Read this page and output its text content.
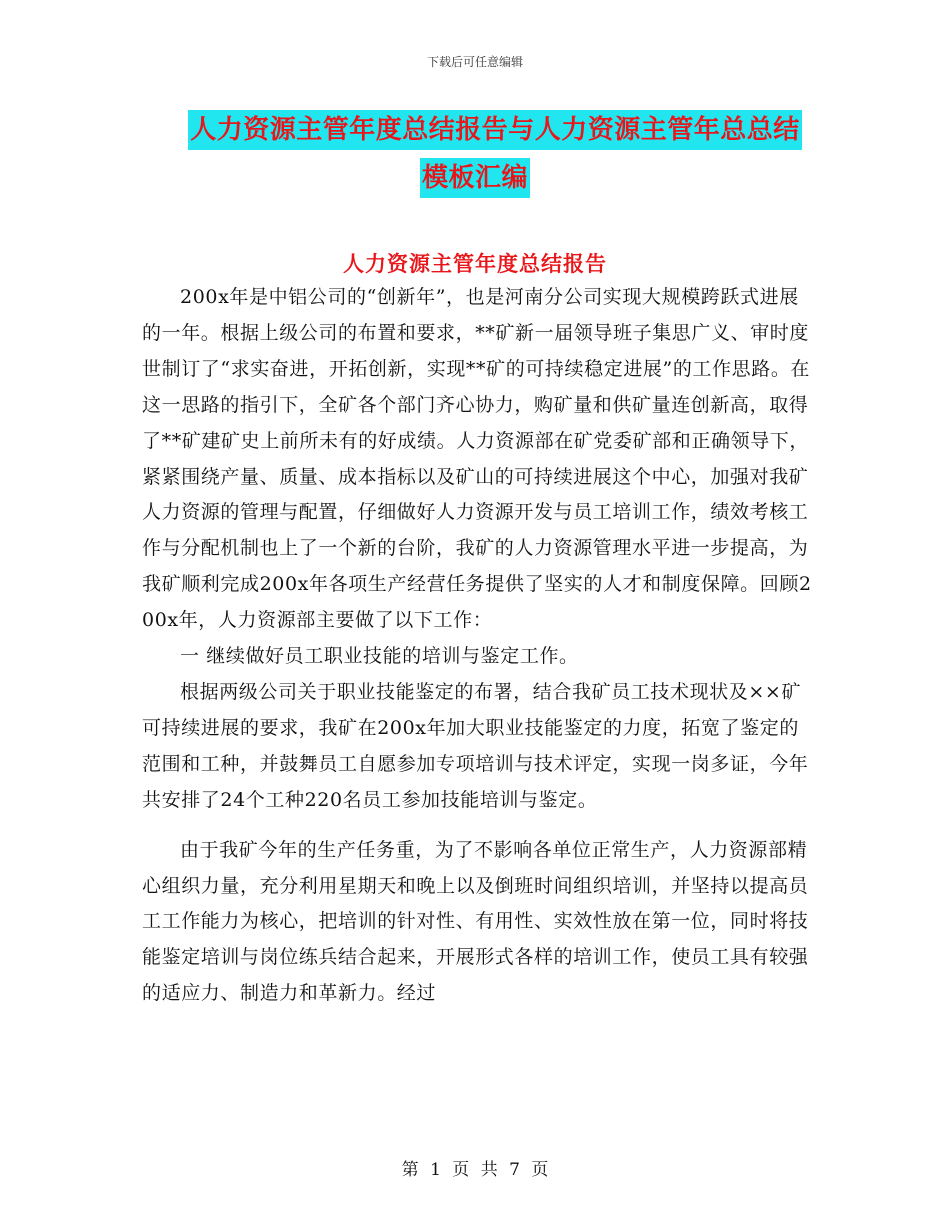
下载后可任意编辑
人力资源主管年度总结报告与人力资源主管年总总结
模板汇编
人力资源主管年度总结报告

200x年是中铝公司的“创新年”，也是河南分公司实现大规模跨跃式进展的一年。根据上级公司的布置和要求，**矿新一届领导班子集思广义、审时度世制订了“求实奋进，开拓创新，实现**矿的可持续稳定进展”的工作思路。在这一思路的指引下，全矿各个部门齐心协力，购矿量和供矿量连创新高，取得了**矿建矿史上前所未有的好成绩。人力资源部在矿党委矿部和正确领导下，紧紧围绕产量、质量、成本指标以及矿山的可持续进展这个中心，加强对我矿人力资源的管理与配置，仔细做好人力资源开发与员工培训工作，绩效考核工作与分配机制也上了一个新的台阶，我矿的人力资源管理水平进一步提高，为我矿顺利完成200x年各项生产经营任务提供了坚实的人才和制度保障。回顾200x年，人力资源部主要做了以下工作：

一 继续做好员工职业技能的培训与鉴定工作。

根据两级公司关于职业技能鉴定的布署，结合我矿员工技术现状及××矿可持续进展的要求，我矿在200x年加大职业技能鉴定的力度，拓宽了鉴定的范围和工种，并鼓舞员工自愿参加专项培训与技术评定，实现一岗多证，今年共安排了24个工种220名员工参加技能培训与鉴定。

由于我矿今年的生产任务重，为了不影响各单位正常生产，人力资源部精心组织力量，充分利用星期天和晚上以及倒班时间组织培训，并坚持以提高员工工作能力为核心，把培训的针对性、有用性、实效性放在第一位，同时将技能鉴定培训与岗位练兵结合起来，开展形式各样的培训工作，使员工具有较强的适应力、制造力和革新力。经过

第 1 页 共 7 页
